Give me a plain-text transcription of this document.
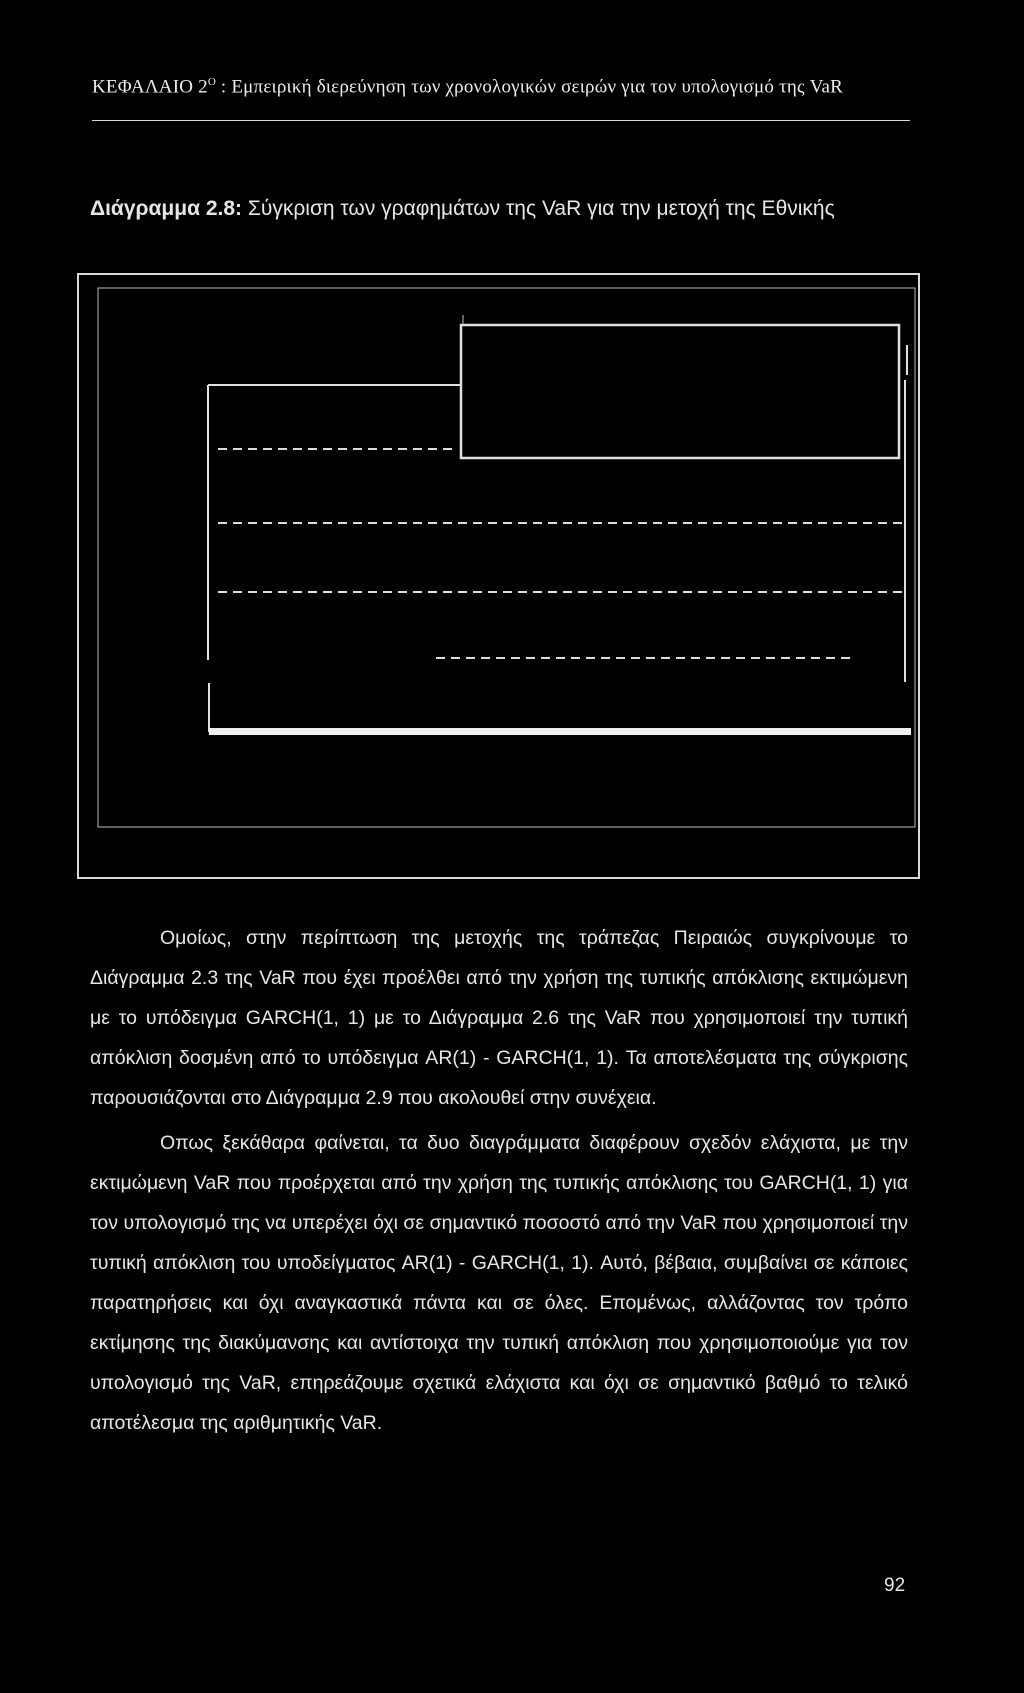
ΚΕΦΑΛΑΙΟ $2^O$ : Εμπειρική διερεύνηση των χρονολογικών σειρών για τον υπολογισμό της VaR
Διάγραμμα 2.8: Σύγκριση των γραφημάτων της VaR για την μετοχή της Εθνικής

Ομοίως, στην περίπτωση της μετοχής της τράπεζας Πειραιώς συγκρίνουμε το Διάγραμμα 2.3 της VaR που έχει προέλθει από την χρήση της τυπικής απόκλισης εκτιμώμενη με το υπόδειγμα GARCH(1, 1) με το Διάγραμμα 2.6 της VaR που χρησιμοποιεί την τυπική απόκλιση δοσμένη από το υπόδειγμα AR(1) - GARCH(1, 1). Τα αποτελέσματα της σύγκρισης παρουσιάζονται στο Διάγραμμα 2.9 που ακολουθεί στην συνέχεια.

Οπως ξεκάθαρα φαίνεται, τα δυο διαγράμματα διαφέρουν σχεδόν ελάχιστα, με την εκτιμώμενη VaR που προέρχεται από την χρήση της τυπικής απόκλισης του GARCH(1, 1) για τον υπολογισμό της να υπερέχει όχι σε σημαντικό ποσοστό από την VaR που χρησιμοποιεί την τυπική απόκλιση του υποδείγματος AR(1) - GARCH(1, 1). Αυτό, βέβαια, συμβαίνει σε κάποιες παρατηρήσεις και όχι αναγκαστικά πάντα και σε όλες. Επομένως, αλλάζοντας τον τρόπο εκτίμησης της διακύμανσης και αντίστοιχα την τυπική απόκλιση που χρησιμοποιούμε για τον υπολογισμό της VaR, επηρεάζουμε σχετικά ελάχιστα και όχι σε σημαντικό βαθμό το τελικό αποτέλεσμα της αριθμητικής VaR.

92
